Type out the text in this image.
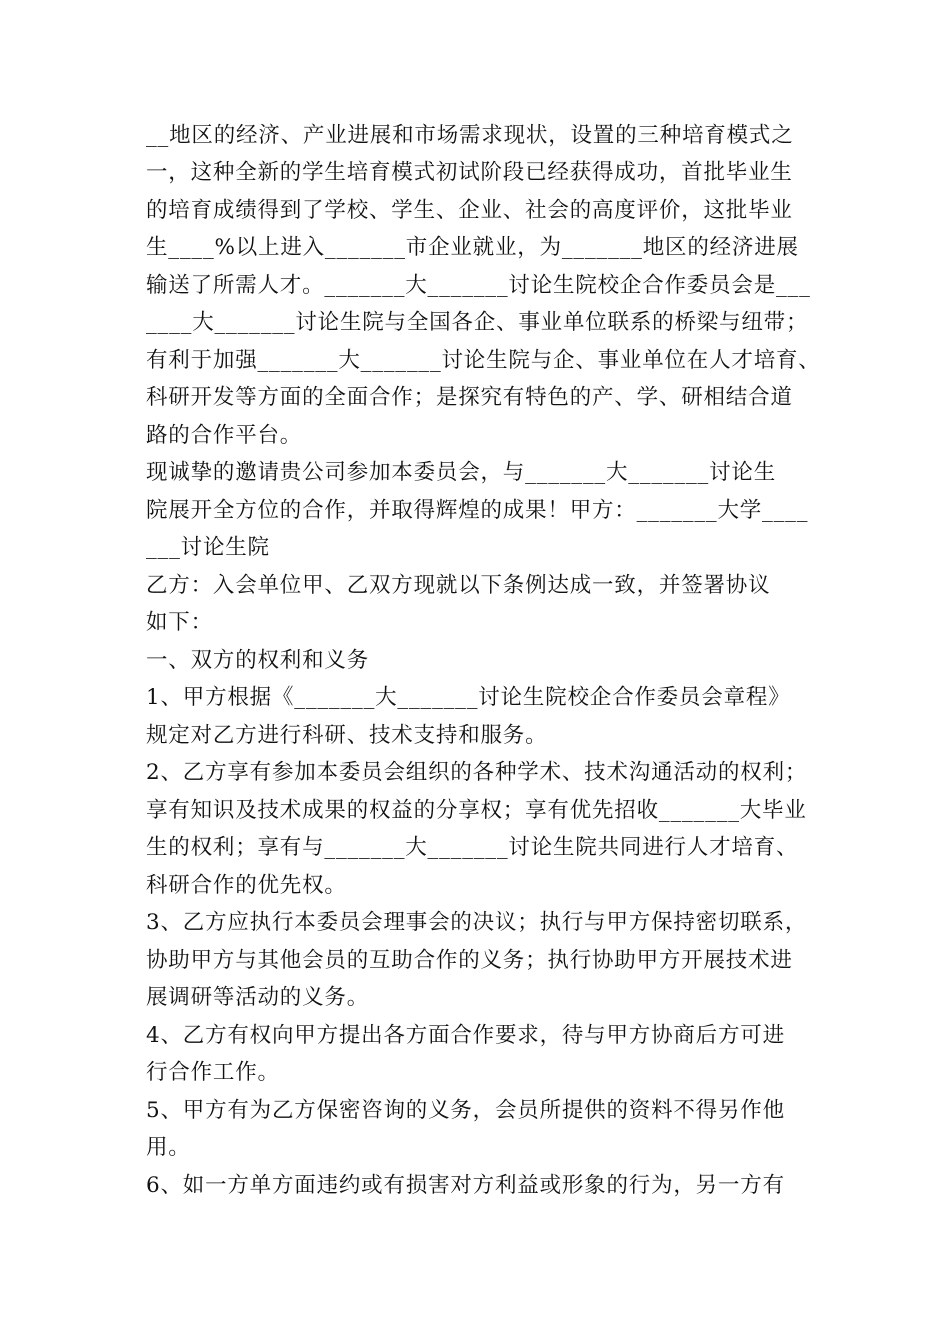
__地区的经济、产业进展和市场需求现状，设置的三种培育模式之
一，这种全新的学生培育模式初试阶段已经获得成功，首批毕业生
的培育成绩得到了学校、学生、企业、社会的高度评价，这批毕业
生____%以上进入_______市企业就业，为_______地区的经济进展
输送了所需人才。_______大_______讨论生院校企合作委员会是___
____大_______讨论生院与全国各企、事业单位联系的桥梁与纽带；
有利于加强_______大_______讨论生院与企、事业单位在人才培育、
科研开发等方面的全面合作；是探究有特色的产、学、研相结合道
路的合作平台。
现诚挚的邀请贵公司参加本委员会，与_______大_______讨论生
院展开全方位的合作，并取得辉煌的成果！甲方：_______大学____
___讨论生院
乙方：入会单位甲、乙双方现就以下条例达成一致，并签署协议
如下：
一、双方的权利和义务
1、甲方根据《_______大_______讨论生院校企合作委员会章程》
规定对乙方进行科研、技术支持和服务。
2、乙方享有参加本委员会组织的各种学术、技术沟通活动的权利；
享有知识及技术成果的权益的分享权；享有优先招收_______大毕业
生的权利；享有与_______大_______讨论生院共同进行人才培育、
科研合作的优先权。
3、乙方应执行本委员会理事会的决议；执行与甲方保持密切联系，
协助甲方与其他会员的互助合作的义务；执行协助甲方开展技术进
展调研等活动的义务。
4、乙方有权向甲方提出各方面合作要求，待与甲方协商后方可进
行合作工作。
5、甲方有为乙方保密咨询的义务，会员所提供的资料不得另作他
用。
6、如一方单方面违约或有损害对方利益或形象的行为，另一方有
